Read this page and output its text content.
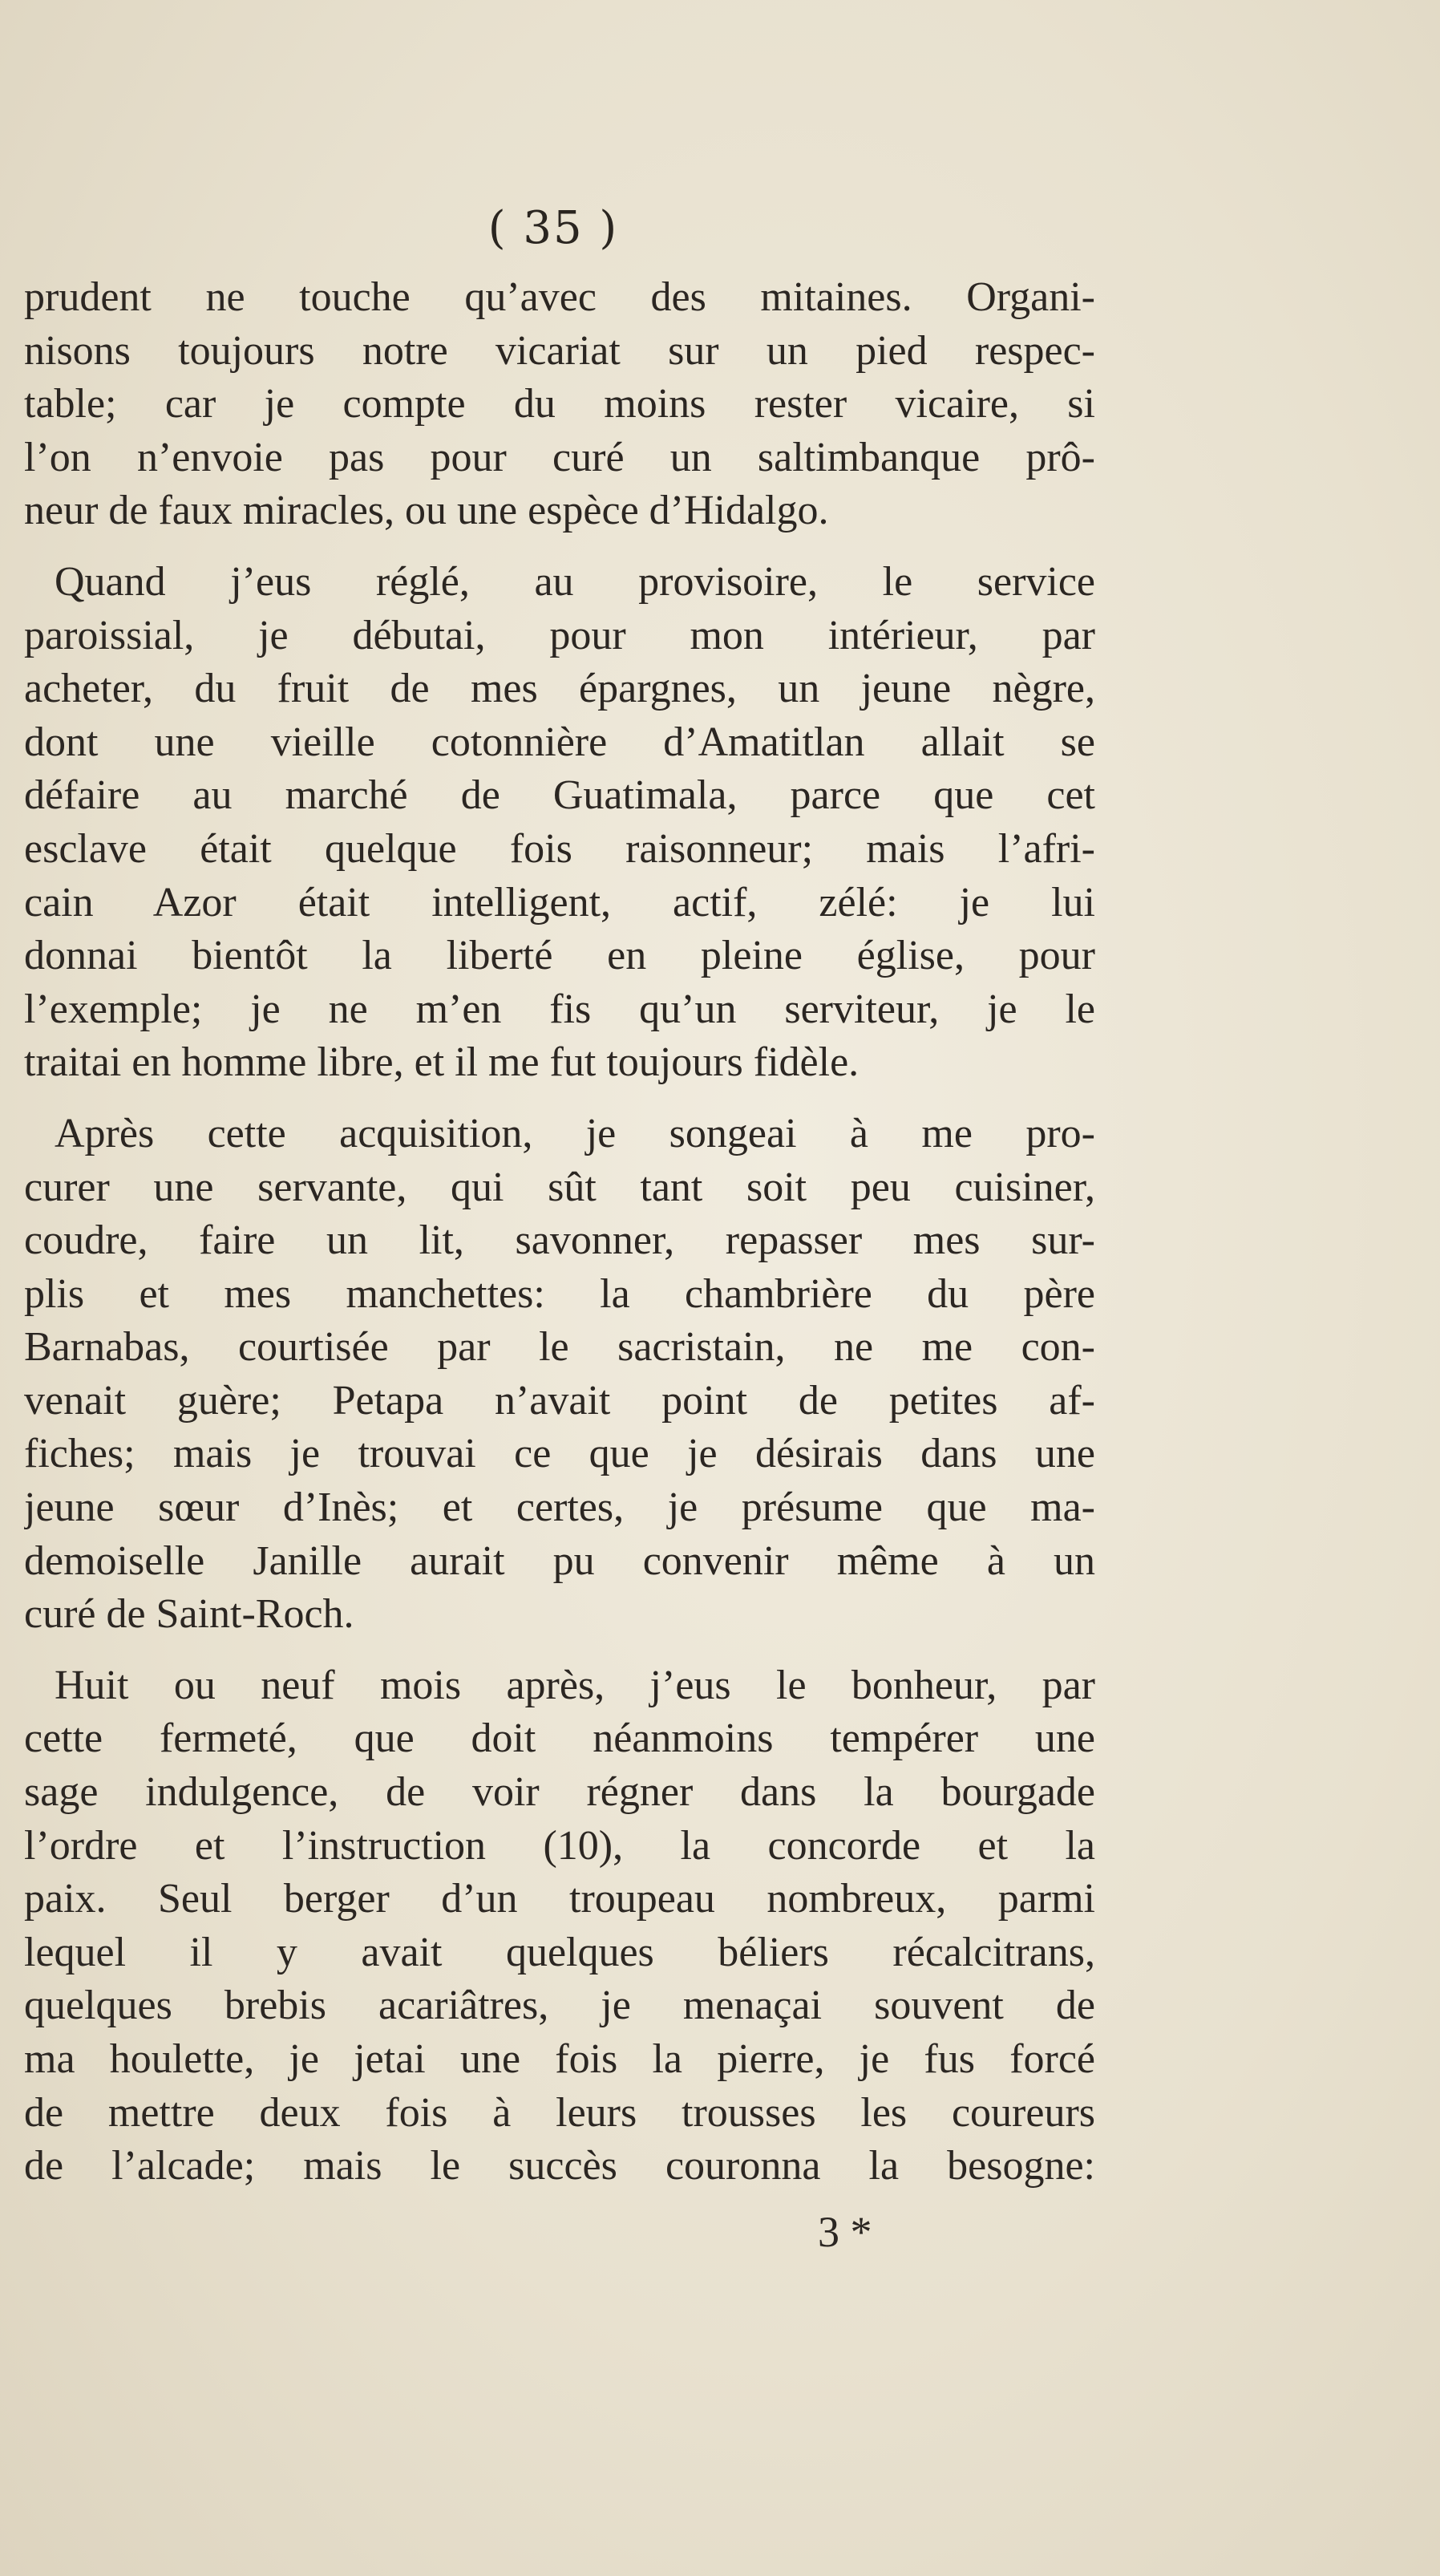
( 35 )
prudent ne touche qu’avec des mitaines. Organi-
nisons toujours notre vicariat sur un pied respec-
table; car je compte du moins rester vicaire, si
l’on n’envoie pas pour curé un saltimbanque prô-
neur de faux miracles, ou une espèce d’Hidalgo.
Quand j’eus réglé, au provisoire, le service
paroissial, je débutai, pour mon intérieur, par
acheter, du fruit de mes épargnes, un jeune nègre,
dont une vieille cotonnière d’Amatitlan allait se
défaire au marché de Guatimala, parce que cet
esclave était quelque fois raisonneur; mais l’afri-
cain Azor était intelligent, actif, zélé: je lui
donnai bientôt la liberté en pleine église, pour
l’exemple; je ne m’en fis qu’un serviteur, je le
traitai en homme libre, et il me fut toujours fidèle.
Après cette acquisition, je songeai à me pro-
curer une servante, qui sût tant soit peu cuisiner,
coudre, faire un lit, savonner, repasser mes sur-
plis et mes manchettes: la chambrière du père
Barnabas, courtisée par le sacristain, ne me con-
venait guère; Petapa n’avait point de petites af-
fiches; mais je trouvai ce que je désirais dans une
jeune sœur d’Inès; et certes, je présume que ma-
demoiselle Janille aurait pu convenir même à un
curé de Saint-Roch.
Huit ou neuf mois après, j’eus le bonheur, par
cette fermeté, que doit néanmoins tempérer une
sage indulgence, de voir régner dans la bourgade
l’ordre et l’instruction (10), la concorde et la
paix. Seul berger d’un troupeau nombreux, parmi
lequel il y avait quelques béliers récalcitrans,
quelques brebis acariâtres, je menaçai souvent de
ma houlette, je jetai une fois la pierre, je fus forcé
de mettre deux fois à leurs trousses les coureurs
de l’alcade; mais le succès couronna la besogne:
3 *
